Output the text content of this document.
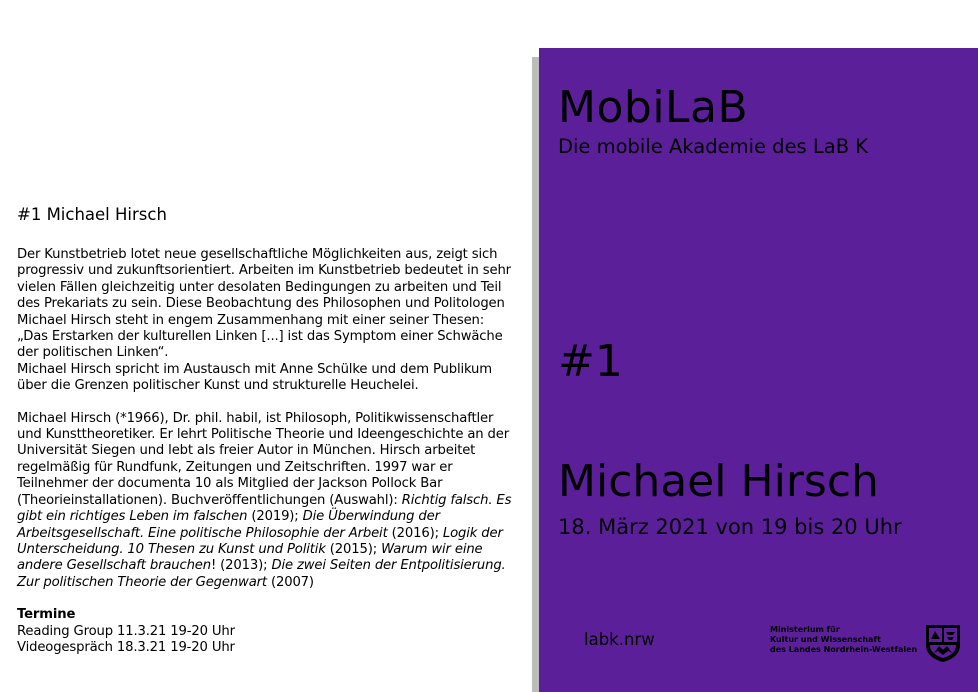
#1 Michael Hirsch

Der Kunstbetrieb lotet neue gesellschaftliche Möglichkeiten aus, zeigt sich progressiv und zukunftsorientiert. Arbeiten im Kunstbetrieb bedeutet in sehr vielen Fällen gleichzeitig unter desolaten Bedingungen zu arbeiten und Teil des Prekariats zu sein. Diese Beobachtung des Philosophen und Politologen Michael Hirsch steht in engem Zusammenhang mit einer seiner Thesen: „Das Erstarken der kulturellen Linken [...] ist das Symptom einer Schwäche der politischen Linken“.

Michael Hirsch spricht im Austausch mit Anne Schülke und dem Publikum über die Grenzen politischer Kunst und strukturelle Heuchelei.

Michael Hirsch (*1966), Dr. phil. habil, ist Philosoph, Politikwissenschaftler und Kunsttheoretiker. Er lehrt Politische Theorie und Ideengeschichte an der Universität Siegen und lebt als freier Autor in München. Hirsch arbeitet regelmäßig für Rundfunk, Zeitungen und Zeitschriften. 1997 war er Teilnehmer der documenta 10 als Mitglied der Jackson Pollock Bar (Theorieinstallationen). Buchveröffentlichungen (Auswahl): Richtig falsch. Es gibt ein richtiges Leben im falschen (2019); Die Überwindung der Arbeitsgesellschaft. Eine politische Philosophie der Arbeit (2016); Logik der Unterscheidung. 10 Thesen zu Kunst und Politik (2015); Warum wir eine andere Gesellschaft brauchen! (2013); Die zwei Seiten der Entpolitisierung. Zur politischen Theorie der Gegenwart (2007)

Termine
Reading Group 11.3.21 19-20 Uhr
Videogespräch 18.3.21 19-20 Uhr
MobiLaB
Die mobile Akademie des LaB K
#1
Michael Hirsch
18. März 2021 von 19 bis 20 Uhr
labk.nrw
Ministerium für
Kultur und Wissenschaft
des Landes Nordrhein-Westfalen
